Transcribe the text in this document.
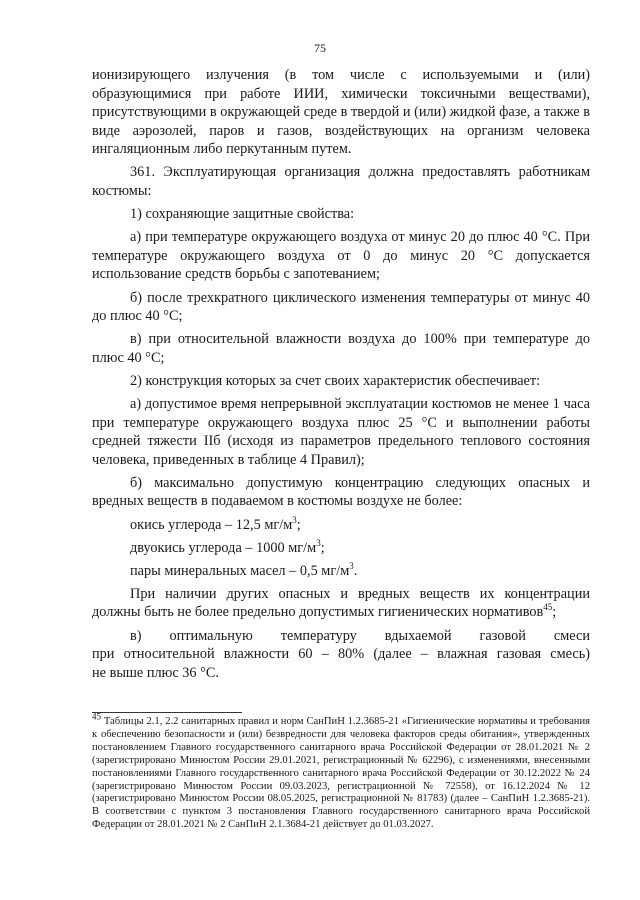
75

ионизирующего излучения (в том числе с используемыми и (или) образующимися при работе ИИИ, химически токсичными веществами), присутствующими в окружающей среде в твердой и (или) жидкой фазе, а также в виде аэрозолей, паров и газов, воздействующих на организм человека ингаляционным либо перкутанным путем.

361. Эксплуатирующая организация должна предоставлять работникам костюмы:

1) сохраняющие защитные свойства:

а) при температуре окружающего воздуха от минус 20 до плюс 40 °С. При температуре окружающего воздуха от 0 до минус 20 °С допускается использование средств борьбы с запотеванием;

б) после трехкратного циклического изменения температуры от минус 40 до плюс 40 °С;

в) при относительной влажности воздуха до 100% при температуре до плюс 40 °С;

2) конструкция которых за счет своих характеристик обеспечивает:

а) допустимое время непрерывной эксплуатации костюмов не менее 1 часа при температуре окружающего воздуха плюс 25 °С и выполнении работы средней тяжести IIб (исходя из параметров предельного теплового состояния человека, приведенных в таблице 4 Правил);

б) максимально допустимую концентрацию следующих опасных и вредных веществ в подаваемом в костюмы воздухе не более:

окись углерода – 12,5 $мг/м^3$;

двуокись углерода – 1000 $мг/м^3$;

пары минеральных масел – 0,5 $мг/м^3$.

При наличии других опасных и вредных веществ их концентрации должны быть не более предельно допустимых гигиенических нормативов$^{45}$;

в) оптимальную температуру вдыхаемой газовой смеси

при относительной влажности 60 – 80% (далее – влажная газовая смесь)

не выше плюс 36 °С.

$^{45}$ Таблицы 2.1, 2.2 санитарных правил и норм СанПиН 1.2.3685-21 «Гигиенические нормативы и требования к обеспечению безопасности и (или) безвредности для человека факторов среды обитания», утвержденных постановлением Главного государственного санитарного врача Российской Федерации от 28.01.2021 № 2 (зарегистрировано Минюстом России 29.01.2021, регистрационный № 62296), с изменениями, внесенными постановлениями Главного государственного санитарного врача Российской Федерации от 30.12.2022 № 24 (зарегистрировано Минюстом России 09.03.2023, регистрационной № 72558), от 16.12.2024 № 12 (зарегистрировано Минюстом России 08.05.2025, регистрационной № 81783) (далее – СанПиН 1.2.3685-21). В соответствии с пунктом 3 постановления Главного государственного санитарного врача Российской Федерации от 28.01.2021 № 2 СанПиН 2.1.3684-21 действует до 01.03.2027.
